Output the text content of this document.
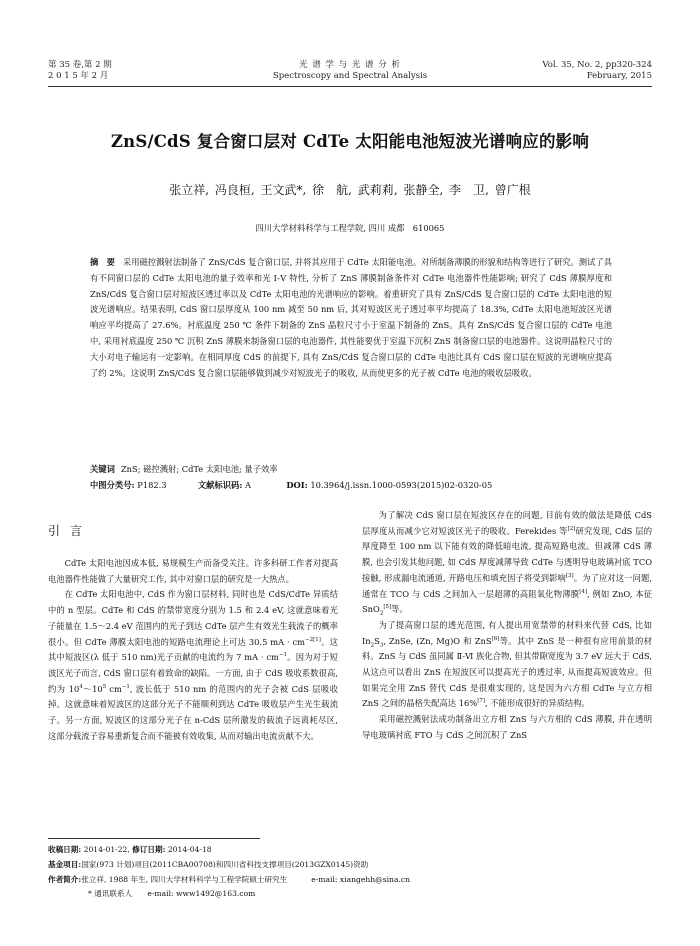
第 35 卷,第 2 期
2 0 1 5 年 2 月
光 谱 学 与 光 谱 分 析
Spectroscopy and Spectral Analysis
Vol. 35, No. 2, pp320-324
February, 2015
ZnS/CdS 复合窗口层对 CdTe 太阳能电池短波光谱响应的影响
张立祥, 冯良桓, 王文武*, 徐　航, 武莉莉, 张静全, 李　卫, 曾广根
四川大学材料科学与工程学院, 四川 成都　610065
摘　要 采用磁控溅射法制备了 ZnS/CdS 复合窗口层, 并将其应用于 CdTe 太阳能电池。对所制备薄膜的形貌和结构等进行了研究。测试了具有不同窗口层的 CdTe 太阳电池的量子效率和光 Ⅰ-Ⅴ 特性, 分析了 ZnS 薄膜制备条件对 CdTe 电池器件性能影响; 研究了 CdS 薄膜厚度和 ZnS/CdS 复合窗口层对短波区透过率以及 CdTe 太阳电池的光谱响应的影响。着重研究了具有 ZnS/CdS 复合窗口层的 CdTe 太阳电池的短波光谱响应。结果表明, CdS 窗口层厚度从 100 nm 减至 50 nm 后, 其对短波区光子透过率平均提高了 18.3%, CdTe 太阳电池短波区光谱响应平均提高了 27.6%。衬底温度 250 ℃ 条件下制备的 ZnS 晶粒尺寸小于室温下制备的 ZnS。具有 ZnS/CdS 复合窗口层的 CdTe 电池中, 采用衬底温度 250 ℃ 沉积 ZnS 薄膜来制备窗口层的电池器件, 其性能要优于室温下沉积 ZnS 制备窗口层的电池器件。这说明晶粒尺寸的大小对电子输运有一定影响。在相同厚度 CdS 的前提下, 具有 ZnS/CdS 复合窗口层的 CdTe 电池比具有 CdS 窗口层在短波的光谱响应提高了约 2%。这说明 ZnS/CdS 复合窗口层能够做到减少对短波光子的吸收, 从而使更多的光子被 CdTe 电池的吸收层吸收。
关键词 ZnS; 磁控溅射; CdTe 太阳电池; 量子效率
中图分类号: P182.3	文献标识码: A	DOI: 10.3964/j.issn.1000-0593(2015)02-0320-05
引言

CdTe 太阳电池因成本低, 易规模生产而备受关注。许多科研工作者对提高电池器件性能做了大量研究工作, 其中对窗口层的研究是一大热点。

在 CdTe 太阳电池中, CdS 作为窗口层材料, 同时也是 CdS/CdTe 异质结中的 n 型层。CdTe 和 CdS 的禁带宽度分别为 1.5 和 2.4 eV, 这就意味着光子能量在 1.5～2.4 eV 范围内的光子到达 CdTe 层产生有效光生载流子的概率很小。但 CdTe 薄膜太阳电池的短路电流理论上可达 30.5 mA · $cm^{-2[1]}$。这其中短波区(λ 低于 510 nm)光子贡献的电流约为 7 mA · $cm^{-1}$。因为对于短波区光子而言, CdS 窗口层有着致命的缺陷。一方面, 由于 CdS 吸收系数很高, 约为 $10^4\sim 10^5$ $cm^{-1}$, 波长低于 510 nm 的范围内的光子会被 CdS 层吸收掉。这就意味着短波区的这部分光子不能顺利到达 CdTe 吸收层产生光生载流子。另一方面, 短波区的这部分光子在 n-CdS 层所激发的载流子远离耗尽区, 这部分载流子容易重新复合而不能被有效收集, 从而对输出电流贡献不大。

为了解决 CdS 窗口层在短波区存在的问题, 目前有效的做法是降低 CdS 层厚度从而减少它对短波区光子的吸收。Ferekides 等[2]研究发现, CdS 层的厚度降至 100 nm 以下能有效的降低暗电流, 提高短路电流。但减薄 CdS 薄膜, 也会引发其他问题, 如 CdS 厚度减薄导致 CdTe 与透明导电玻璃衬底 TCO 接触, 形成漏电流通道, 开路电压和填充因子将受到影响[3]。为了应对这一问题, 通常在 TCO 与 CdS 之间加入一层超薄的高阻氧化物薄膜[4], 例如 ZnO, 本征 SnO$_2$[5]等。

为了提高窗口层的透光范围, 有人提出用宽禁带的材料来代替 CdS, 比如 $In_2S_3$, ZnSe, (Zn, Mg)O 和 ZnS[6]等。其中 ZnS 是一种很有应用前景的材料。ZnS 与 CdS 虽同属 Ⅱ-Ⅵ 族化合物, 但其带隙宽度为 3.7 eV 远大于 CdS, 从这点可以看出 ZnS 在短波区可以提高光子的透过率, 从而提高短波效应。但如果完全用 ZnS 替代 CdS 是很难实现的, 这是因为六方相 CdTe 与立方相 ZnS 之间的晶格失配高达 16%[7], 不能形成很好的异质结构。

采用磁控溅射法成功制备出立方相 ZnS 与六方相的 CdS 薄膜, 并在透明导电玻璃衬底 FTO 与 CdS 之间沉积了 ZnS

收稿日期: 2014-01-22, 修订日期: 2014-04-18
基金项目:国家(973 计划)项目(2011CBA00708)和四川省科技支撑项目(2013GZX0145)资助
作者简介:张立祥, 1988 年生, 四川大学材料科学与工程学院硕士研究生	e-mail: xiangehh@sina.cn
* 通讯联系人　　e-mail: www1492@163.com
